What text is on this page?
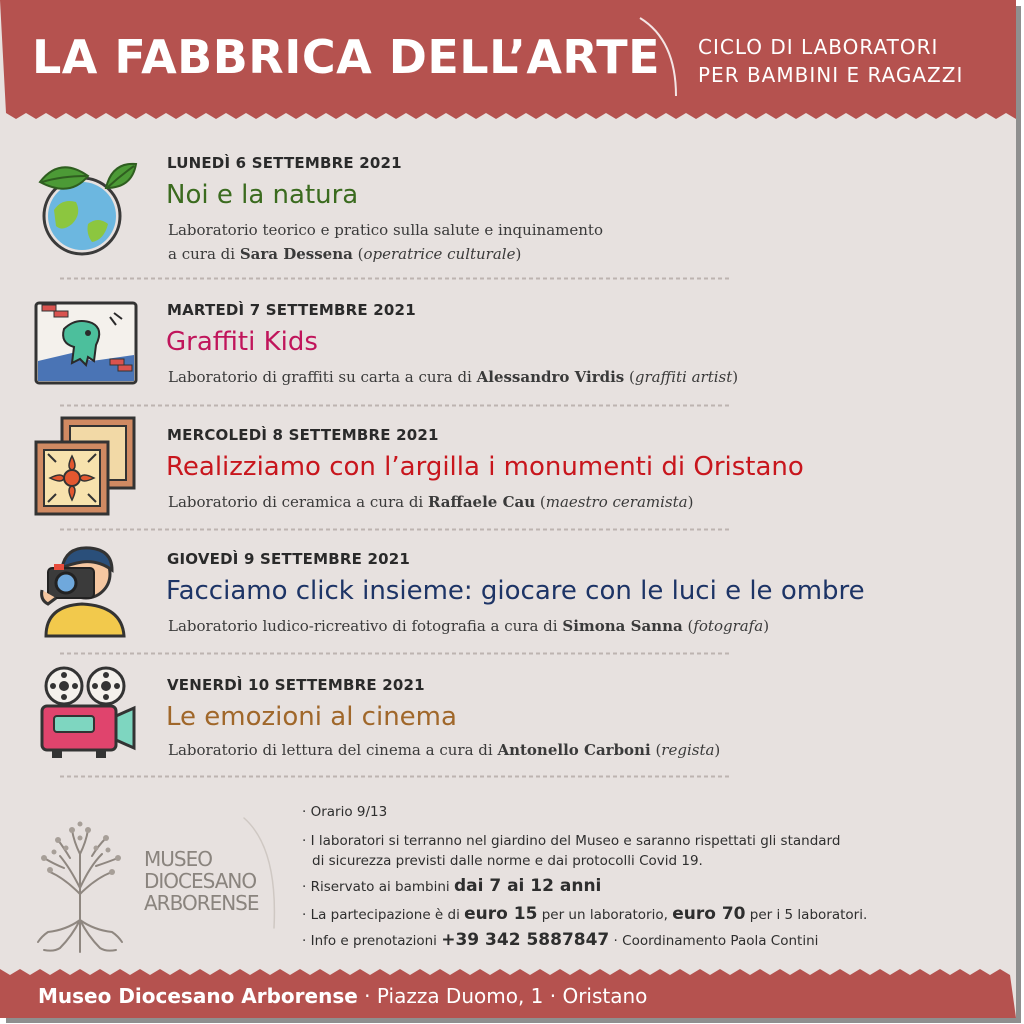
LA FABBRICA DELL’ARTE CICLO DI LABORATORI
PER BAMBINI E RAGAZZI
LUNEDÌ 6 SETTEMBRE 2021
Noi e la natura
Laboratorio teorico e pratico sulla salute e inquinamento
a cura di Sara Dessena (operatrice culturale)
MARTEDÌ 7 SETTEMBRE 2021
Graffiti Kids
Laboratorio di graffiti su carta a cura di Alessandro Virdis (graffiti artist)
MERCOLEDÌ 8 SETTEMBRE 2021
Realizziamo con l’argilla i monumenti di Oristano
Laboratorio di ceramica a cura di Raffaele Cau (maestro ceramista)
GIOVEDÌ 9 SETTEMBRE 2021
Facciamo click insieme: giocare con le luci e le ombre
Laboratorio ludico-ricreativo di fotografia a cura di Simona Sanna (fotografa)
VENERDÌ 10 SETTEMBRE 2021
Le emozioni al cinema
Laboratorio di lettura del cinema a cura di Antonello Carboni (regista)
MUSEO
DIOCESANO
ARBORENSE
· Orario 9/13
· I laboratori si terranno nel giardino del Museo e saranno rispettati gli standard
di sicurezza previsti dalle norme e dai protocolli Covid 19.
· Riservato ai bambini dai 7 ai 12 anni
· La partecipazione è di euro 15 per un laboratorio, euro 70 per i 5 laboratori.
· Info e prenotazioni +39 342 5887847 · Coordinamento Paola Contini
Museo Diocesano Arborense · Piazza Duomo, 1 · Oristano
